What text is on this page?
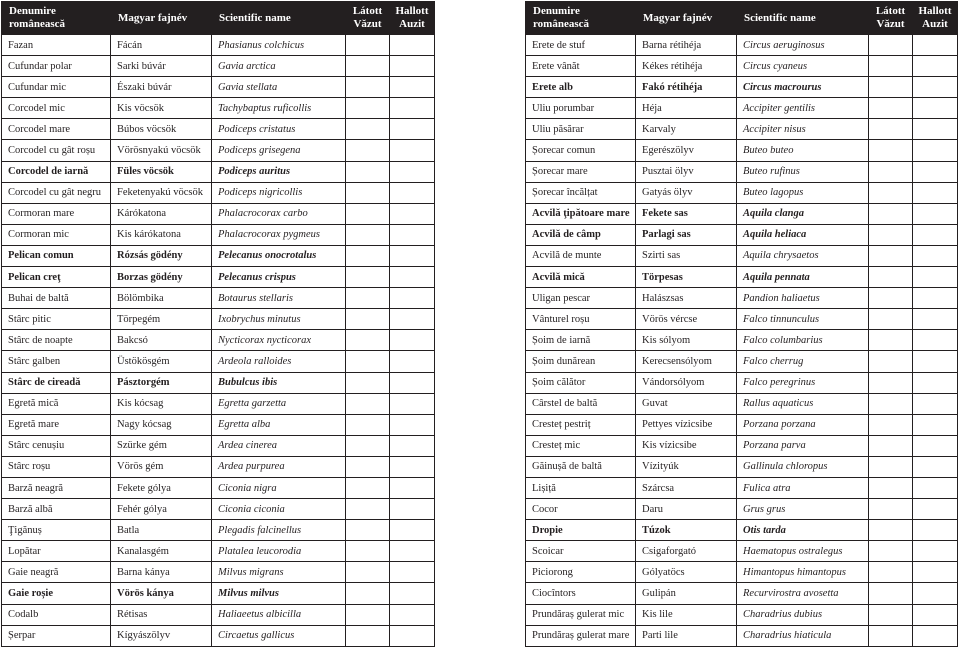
Denumire românească	Magyar fajnév	Scientific name	Látott Văzut	Hallott Auzit
Fazan	Fácán	Phasianus colchicus		
Cufundar polar	Sarki búvár	Gavia arctica		
Cufundar mic	Északi búvár	Gavia stellata		
Corcodel mic	Kis vöcsök	Tachybaptus ruficollis		
Corcodel mare	Búbos vöcsök	Podiceps cristatus		
Corcodel cu gât roșu	Vörösnyakú vöcsök	Podiceps grisegena		
Corcodel de iarnă	Füles vöcsök	Podiceps auritus		
Corcodel cu gât negru	Feketenyakú vöcsök	Podiceps nigricollis		
Cormoran mare	Kárókatona	Phalacrocorax carbo		
Cormoran mic	Kis kárókatona	Phalacrocorax pygmeus		
Pelican comun	Rózsás gödény	Pelecanus onocrotalus		
Pelican creţ	Borzas gödény	Pelecanus crispus		
Buhai de baltă	Bölömbika	Botaurus stellaris		
Stârc pitic	Törpegém	Ixobrychus minutus		
Stârc de noapte	Bakcsó	Nycticorax nycticorax		
Stârc galben	Üstökösgém	Ardeola ralloides		
Stârc de cireadă	Pásztorgém	Bubulcus ibis		
Egretă mică	Kis kócsag	Egretta garzetta		
Egretă mare	Nagy kócsag	Egretta alba		
Stârc cenușiu	Szürke gém	Ardea cinerea		
Stârc roșu	Vörös gém	Ardea purpurea		
Barză neagră	Fekete gólya	Ciconia nigra		
Barză albă	Fehér gólya	Ciconia ciconia		
Ţigănuș	Batla	Plegadis falcinellus		
Lopătar	Kanalasgém	Platalea leucorodia		
Gaie neagră	Barna kánya	Milvus migrans		
Gaie roșie	Vörös kánya	Milvus milvus		
Codalb	Rétisas	Haliaeetus albicilla		
Șerpar	Kígyászölyv	Circaetus gallicus		
Denumire românească	Magyar fajnév	Scientific name	Látott Văzut	Hallott Auzit
Erete de stuf	Barna rétihéja	Circus aeruginosus		
Erete vânăt	Kékes rétihéja	Circus cyaneus		
Erete alb	Fakó rétihéja	Circus macrourus		
Uliu porumbar	Héja	Accipiter gentilis		
Uliu păsărar	Karvaly	Accipiter nisus		
Șorecar comun	Egerészölyv	Buteo buteo		
Șorecar mare	Pusztai ölyv	Buteo rufinus		
Șorecar încălțat	Gatyás ölyv	Buteo lagopus		
Acvilă ţipătoare mare	Fekete sas	Aquila clanga		
Acvilă de câmp	Parlagi sas	Aquila heliaca		
Acvilă de munte	Szirti sas	Aquila chrysaetos		
Acvilă mică	Törpesas	Aquila pennata		
Uligan pescar	Halászsas	Pandion haliaetus		
Vânturel roșu	Vörös vércse	Falco tinnunculus		
Șoim de iarnă	Kis sólyom	Falco columbarius		
Șoim dunărean	Kerecsensólyom	Falco cherrug		
Șoim călător	Vándorsólyom	Falco peregrinus		
Cârstel de baltă	Guvat	Rallus aquaticus		
Cresteț pestriț	Pettyes vízicsibe	Porzana porzana		
Cresteț mic	Kis vízicsibe	Porzana parva		
Găinușă de baltă	Vízityúk	Gallinula chloropus		
Lișiță	Szárcsa	Fulica atra		
Cocor	Daru	Grus grus		
Dropie	Túzok	Otis tarda		
Scoicar	Csigaforgató	Haematopus ostralegus		
Piciorong	Gólyatöcs	Himantopus himantopus		
Ciocîntors	Gulipán	Recurvirostra avosetta		
Prundăraș gulerat mic	Kis lile	Charadrius dubius		
Prundăraș gulerat mare	Parti lile	Charadrius hiaticula		
